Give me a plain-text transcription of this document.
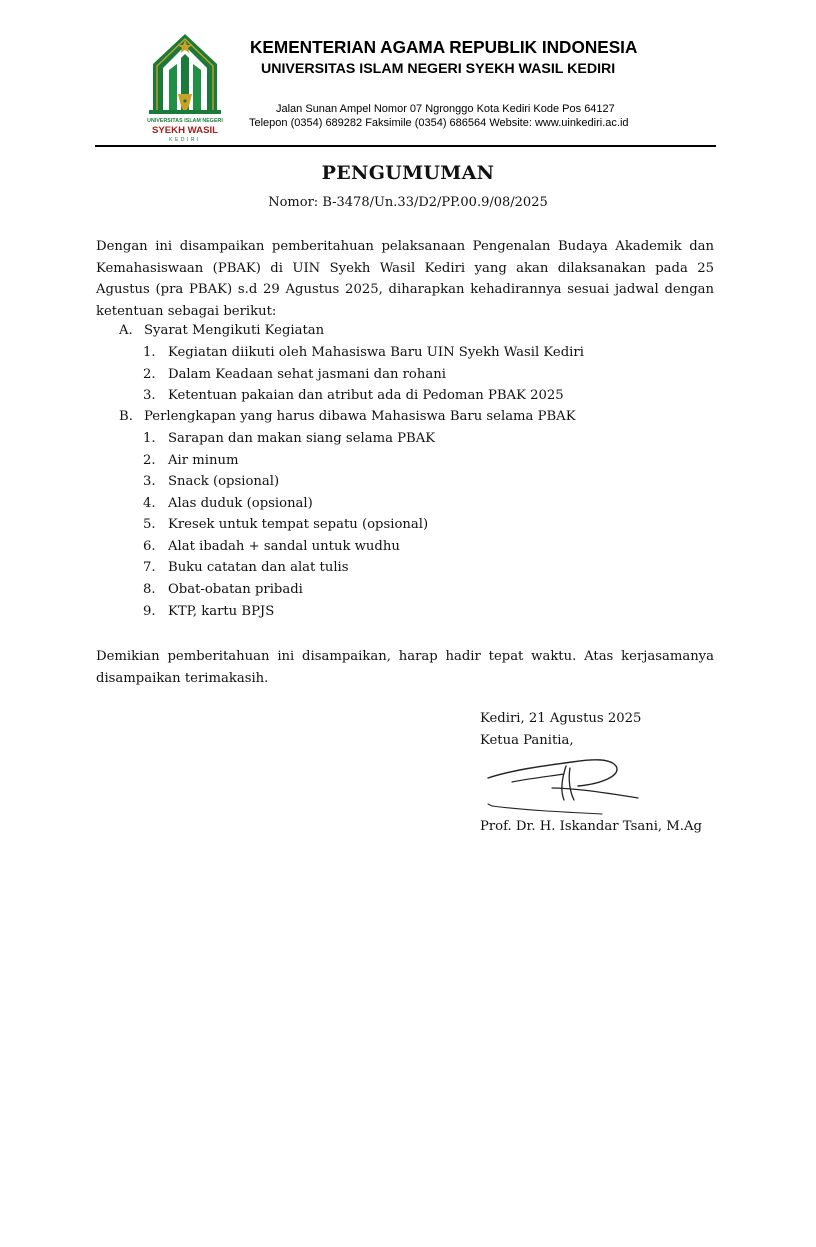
UNIVERSITAS ISLAM NEGERI
SYEKH WASIL
KEDIRI
KEMENTERIAN AGAMA REPUBLIK INDONESIA
UNIVERSITAS ISLAM NEGERI SYEKH WASIL KEDIRI
Jalan Sunan Ampel Nomor 07 Ngronggo Kota Kediri Kode Pos 64127
Telepon (0354) 689282 Faksimile (0354) 686564 Website: www.uinkediri.ac.id
PENGUMUMAN
Nomor: B-3478/Un.33/D2/PP.00.9/08/2025

Dengan ini disampaikan pemberitahuan pelaksanaan Pengenalan Budaya Akademik dan Kemahasiswaan (PBAK) di UIN Syekh Wasil Kediri yang akan dilaksanakan pada 25 Agustus (pra PBAK) s.d 29 Agustus 2025, diharapkan kehadirannya sesuai jadwal dengan ketentuan sebagai berikut:

A. Syarat Mengikuti Kegiatan
1. Kegiatan diikuti oleh Mahasiswa Baru UIN Syekh Wasil Kediri
2. Dalam Keadaan sehat jasmani dan rohani
3. Ketentuan pakaian dan atribut ada di Pedoman PBAK 2025
B. Perlengkapan yang harus dibawa Mahasiswa Baru selama PBAK
1. Sarapan dan makan siang selama PBAK
2. Air minum
3. Snack (opsional)
4. Alas duduk (opsional)
5. Kresek untuk tempat sepatu (opsional)
6. Alat ibadah + sandal untuk wudhu
7. Buku catatan dan alat tulis
8. Obat-obatan pribadi
9. KTP, kartu BPJS

Demikian pemberitahuan ini disampaikan, harap hadir tepat waktu. Atas kerjasamanya disampaikan terimakasih.

Kediri, 21 Agustus 2025
Ketua Panitia,
Prof. Dr. H. Iskandar Tsani, M.Ag
